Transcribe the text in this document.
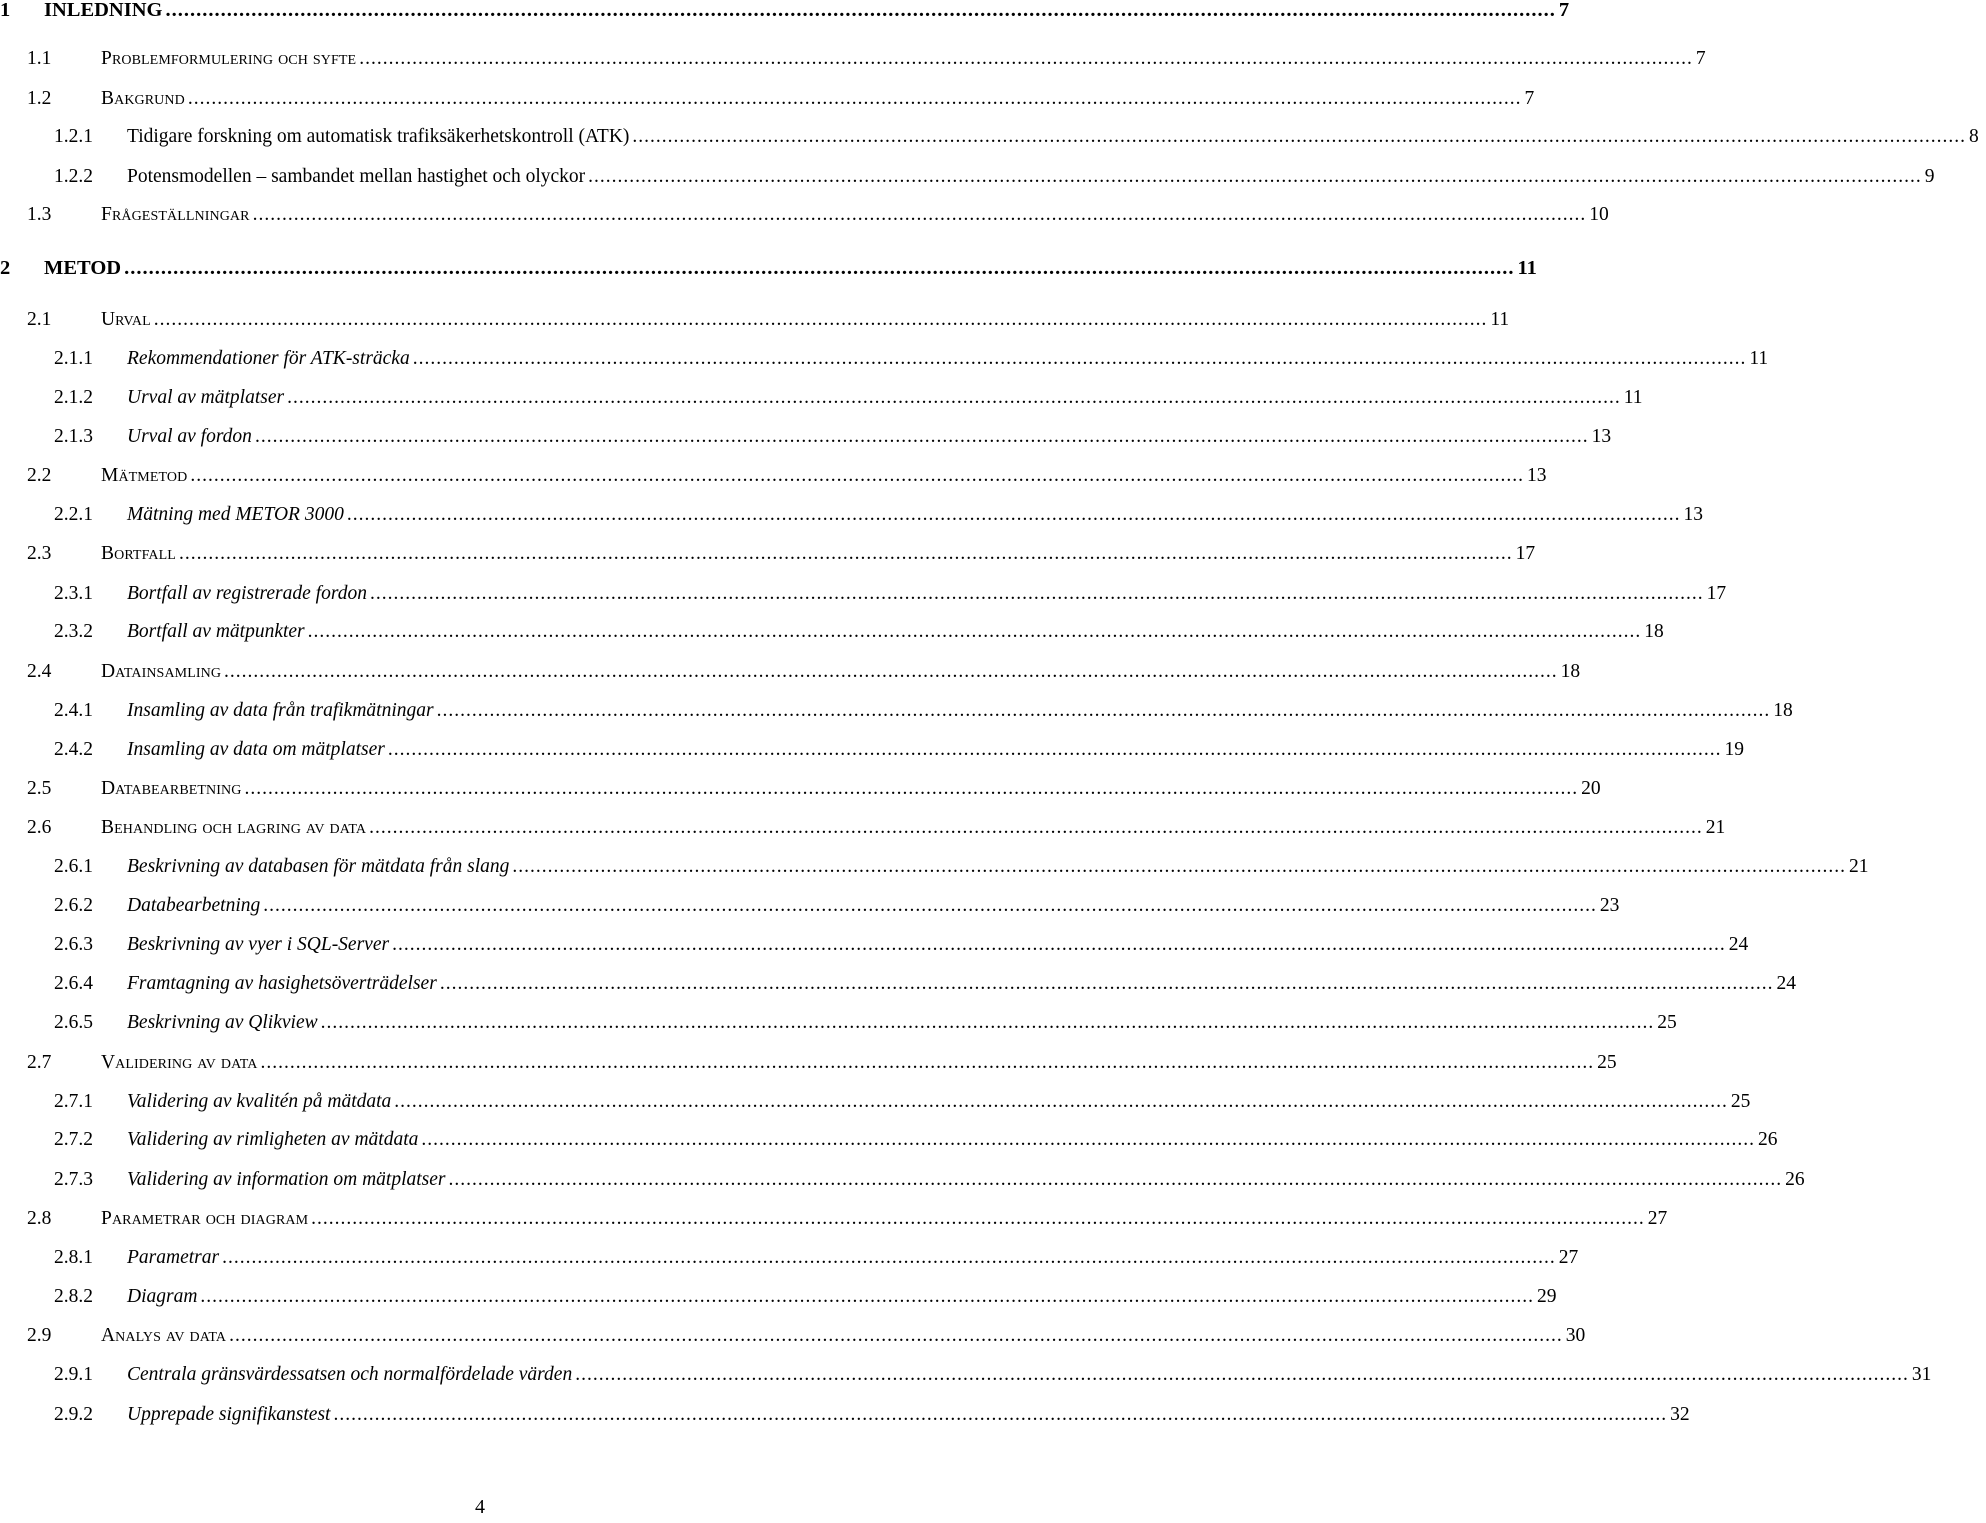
1	INLEDNING .....	7
1.1	Problemformulering och syfte .....	7
1.2	Bakgrund .....	7
1.2.1	Tidigare forskning om automatisk trafiksäkerhetskontroll (ATK) .....	8
1.2.2	Potensmodellen – sambandet mellan hastighet och olyckor .....	9
1.3	Frågeställningar .....	10
2	METOD .....	11
2.1	Urval .....	11
2.1.1	Rekommendationer för ATK-sträcka .....	11
2.1.2	Urval av mätplatser .....	11
2.1.3	Urval av fordon .....	13
2.2	Mätmetod .....	13
2.2.1	Mätning med METOR 3000 .....	13
2.3	Bortfall .....	17
2.3.1	Bortfall av registrerade fordon .....	17
2.3.2	Bortfall av mätpunkter .....	18
2.4	Datainsamling .....	18
2.4.1	Insamling av data från trafikmätningar .....	18
2.4.2	Insamling av data om mätplatser .....	19
2.5	Databearbetning .....	20
2.6	Behandling och lagring av data .....	21
2.6.1	Beskrivning av databasen för mätdata från slang .....	21
2.6.2	Databearbetning .....	23
2.6.3	Beskrivning av vyer i SQL-Server .....	24
2.6.4	Framtagning av hasighetsöverträdelser .....	24
2.6.5	Beskrivning av Qlikview .....	25
2.7	Validering av data .....	25
2.7.1	Validering av kvalitén på mätdata .....	25
2.7.2	Validering av rimligheten av mätdata .....	26
2.7.3	Validering av information om mätplatser .....	26
2.8	Parametrar och diagram .....	27
2.8.1	Parametrar .....	27
2.8.2	Diagram .....	29
2.9	Analys av data .....	30
2.9.1	Centrala gränsvärdessatsen och normalfördelade värden .....	31
2.9.2	Upprepade signifikanstest .....	32
4
